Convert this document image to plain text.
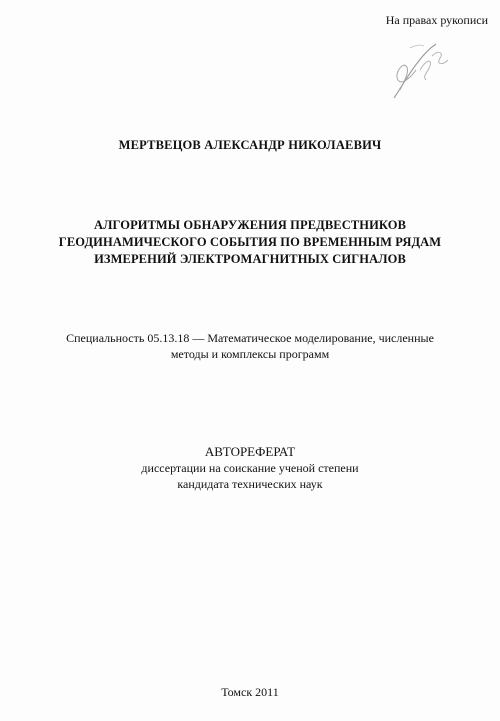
На правах рукописи
МЕРТВЕЦОВ АЛЕКСАНДР НИКОЛАЕВИЧ
АЛГОРИТМЫ ОБНАРУЖЕНИЯ ПРЕДВЕСТНИКОВ
ГЕОДИНАМИЧЕСКОГО СОБЫТИЯ ПО ВРЕМЕННЫМ РЯДАМ
ИЗМЕРЕНИЙ ЭЛЕКТРОМАГНИТНЫХ СИГНАЛОВ
Специальность 05.13.18 — Математическое моделирование, численные
методы и комплексы программ
АВТОРЕФЕРАТ
диссертации на соискание ученой степени
кандидата технических наук
Томск 2011
